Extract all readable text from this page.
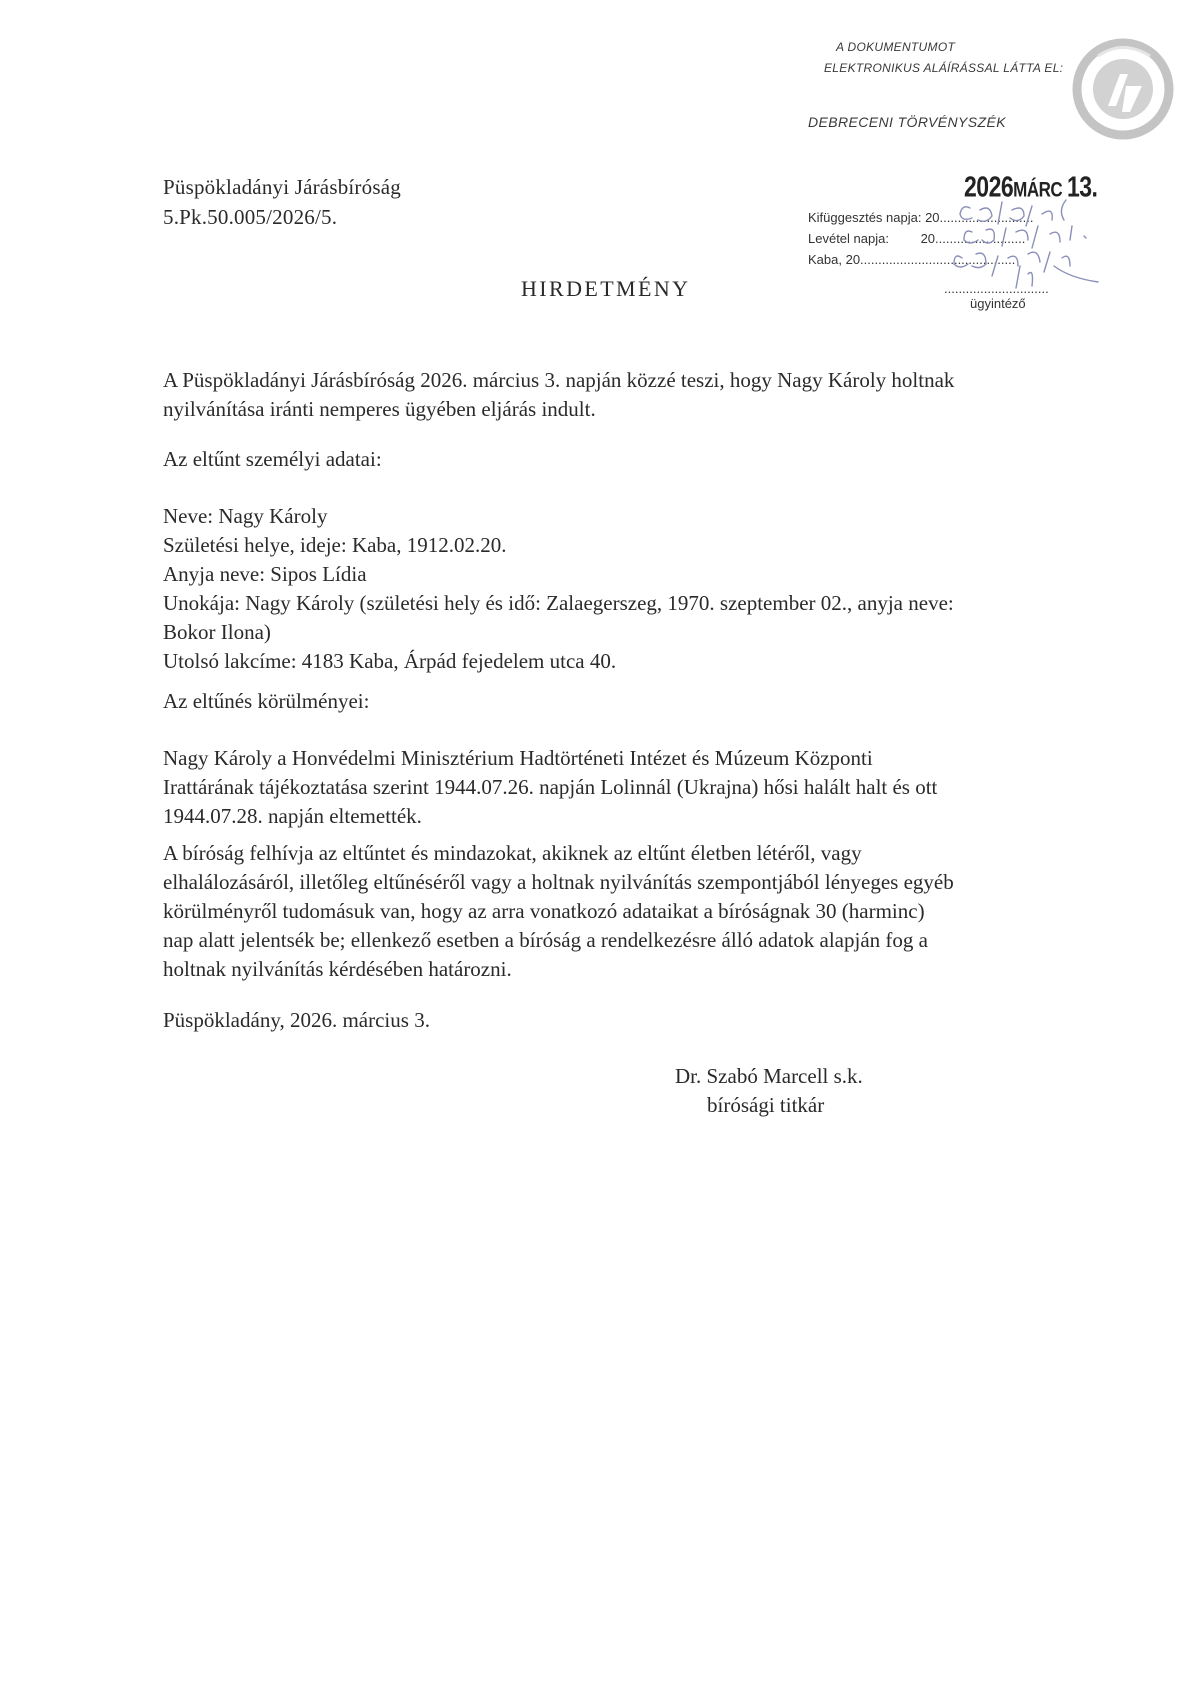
A DOKUMENTUMOT
ELEKTRONIKUS ALÁÍRÁSSAL LÁTTA EL:
DEBRECENI TÖRVÉNYSZÉK
Püspökladányi Járásbíróság
5.Pk.50.005/2026/5.
2026MÁRC 13.
Kifüggesztés napja: 20..........................
Levétel napja: 20.........................
Kaba, 20...........................................
.............................
ügyintéző
HIRDETMÉNY
A Püspökladányi Járásbíróság 2026. március 3. napján közzé teszi, hogy Nagy Károly holtnak
nyilvánítása iránti nemperes ügyében eljárás indult.
Az eltűnt személyi adatai:
Neve: Nagy Károly
Születési helye, ideje: Kaba, 1912.02.20.
Anyja neve: Sipos Lídia
Unokája: Nagy Károly (születési hely és idő: Zalaegerszeg, 1970. szeptember 02., anyja neve:
Bokor Ilona)
Utolsó lakcíme: 4183 Kaba, Árpád fejedelem utca 40.
Az eltűnés körülményei:
Nagy Károly a Honvédelmi Minisztérium Hadtörténeti Intézet és Múzeum Központi
Irattárának tájékoztatása szerint 1944.07.26. napján Lolinnál (Ukrajna) hősi halált halt és ott
1944.07.28. napján eltemették.
A bíróság felhívja az eltűntet és mindazokat, akiknek az eltűnt életben létéről, vagy
elhalálozásáról, illetőleg eltűnéséről vagy a holtnak nyilvánítás szempontjából lényeges egyéb
körülményről tudomásuk van, hogy az arra vonatkozó adataikat a bíróságnak 30 (harminc)
nap alatt jelentsék be; ellenkező esetben a bíróság a rendelkezésre álló adatok alapján fog a
holtnak nyilvánítás kérdésében határozni.
Püspökladány, 2026. március 3.
Dr. Szabó Marcell s.k.
bírósági titkár
